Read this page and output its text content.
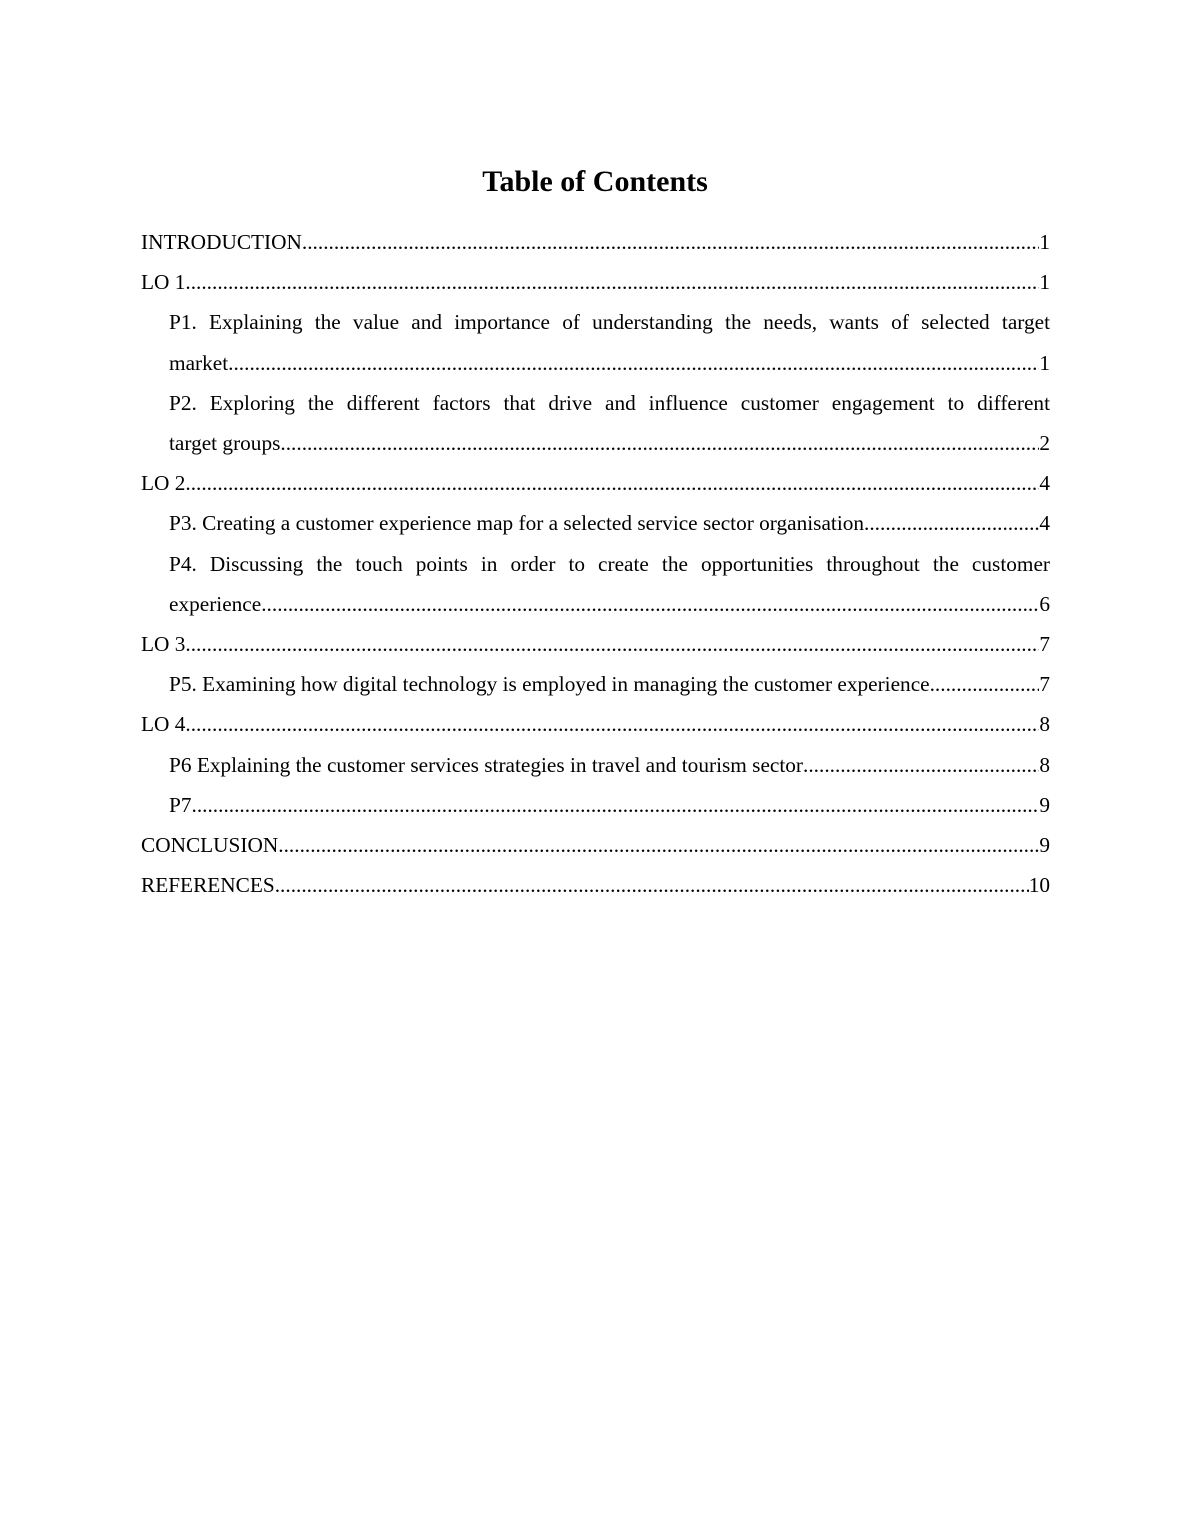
Table of Contents
INTRODUCTION .....	1
LO 1 .....	1
P1. Explaining the value and importance of understanding the needs, wants of selected target
market .....	1
P2. Exploring the different factors that drive and influence customer engagement to different
target groups .....	2
LO 2 .....	4
P3. Creating a customer experience map for a selected service sector organisation .....	4
P4. Discussing the touch points in order to create the opportunities throughout the customer
experience .....	6
LO 3 .....	7
P5. Examining how digital technology is employed in managing the customer experience .....	7
LO 4 .....	8
P6 Explaining the customer services strategies in travel and tourism sector .....	8
P7 .....	9
CONCLUSION .....	9
REFERENCES .....	10
